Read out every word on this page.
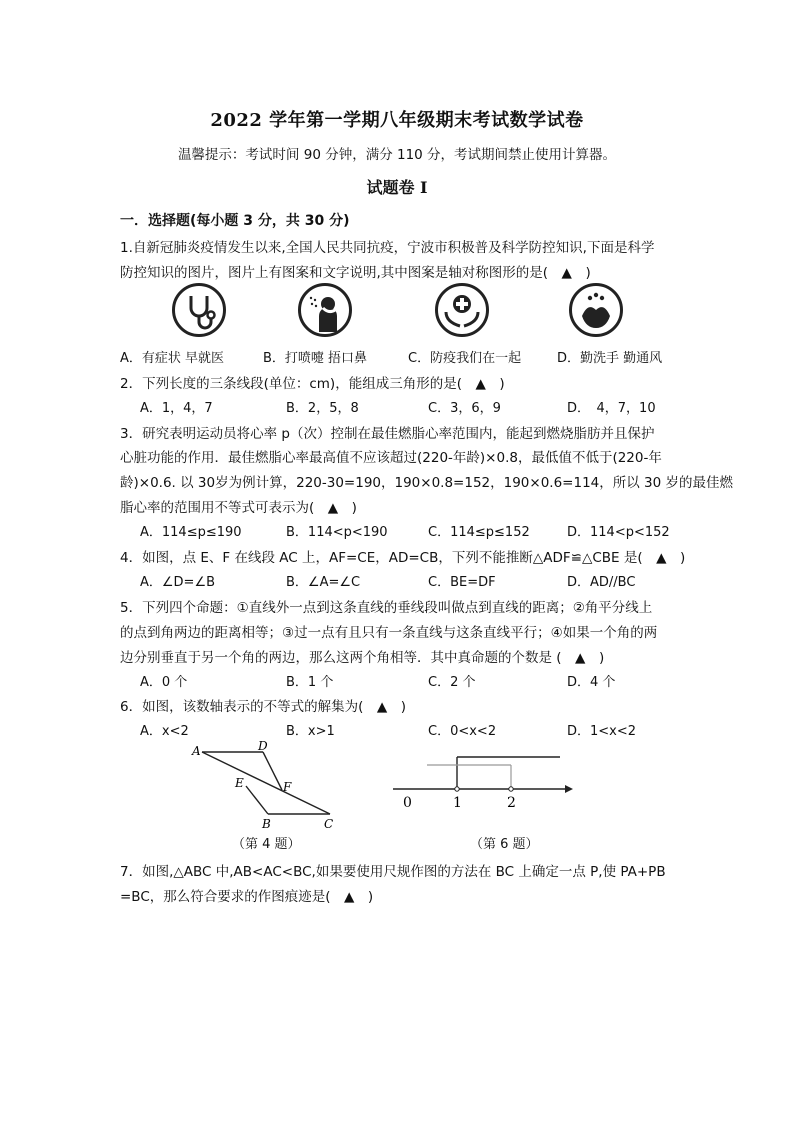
2022 学年第一学期八年级期末考试数学试卷
温馨提示：考试时间 90 分钟，满分 110 分，考试期间禁止使用计算器。
试题卷 I
一．选择题(每小题 3 分，共 30 分)
1.自新冠肺炎疫情发生以来,全国人民共同抗疫，宁波市积极普及科学防控知识,下面是科学
防控知识的图片，图片上有图案和文字说明,其中图案是轴对称图形的是(　▲　)
A．有症状 早就医	B．打喷嚏 捂口鼻	C．防疫我们在一起	D．勤洗手 勤通风
2．下列长度的三条线段(单位：cm)，能组成三角形的是(　▲　)
A．1，4，7	B．2，5，8	C．3，6，9	D．　4，7，10
3．研究表明运动员将心率 p（次）控制在最佳燃脂心率范围内，能起到燃烧脂肪并且保护
心脏功能的作用．最佳燃脂心率最高值不应该超过(220-年龄)×0.8，最低值不低于(220-年
龄)×0.6. 以 30岁为例计算，220-30=190，190×0.8=152，190×0.6=114，所以 30 岁的最佳燃
脂心率的范围用不等式可表示为(　▲　)
A．114≤p≤190	B．114<p<190	C．114≤p≤152	D．114<p<152
4．如图，点 E、F 在线段 AC 上，AF=CE，AD=CB，下列不能推断△ADF≌△CBE 是(　▲　)
A．∠D=∠B	B．∠A=∠C	C．BE=DF	D．AD//BC
5．下列四个命题：①直线外一点到这条直线的垂线段叫做点到直线的距离；②角平分线上
的点到角两边的距离相等；③过一点有且只有一条直线与这条直线平行；④如果一个角的两
边分别垂直于另一个角的两边，那么这两个角相等．其中真命题的个数是 (　▲　)
A．0 个	B．1 个	C．2 个	D．4 个
6．如图，该数轴表示的不等式的解集为(　▲　)
A．x<2	B．x>1	C．0<x<2	D．1<x<2
A	D
E	F
B	C
（第 4 题）
0	1	2
（第 6 题）
7．如图,△ABC 中,AB<AC<BC,如果要使用尺规作图的方法在 BC 上确定一点 P,使 PA+PB
=BC，那么符合要求的作图痕迹是(　▲　)
